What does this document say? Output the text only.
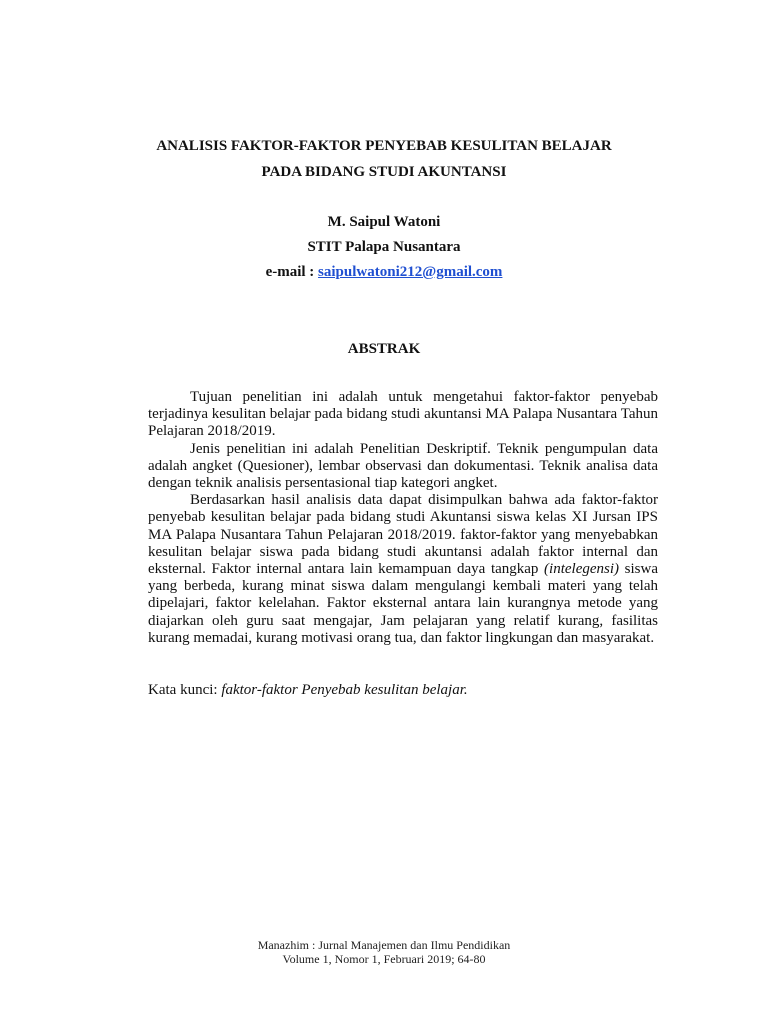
ANALISIS FAKTOR-FAKTOR PENYEBAB KESULITAN BELAJAR
PADA BIDANG STUDI AKUNTANSI
M. Saipul Watoni
STIT Palapa Nusantara
e-mail : saipulwatoni212@gmail.com
ABSTRAK

Tujuan penelitian ini adalah untuk mengetahui faktor-faktor penyebab terjadinya kesulitan belajar pada bidang studi akuntansi MA Palapa Nusantara Tahun Pelajaran 2018/2019.

Jenis penelitian ini adalah Penelitian Deskriptif. Teknik pengumpulan data adalah angket (Quesioner), lembar observasi dan dokumentasi. Teknik analisa data dengan teknik analisis persentasional tiap kategori angket.

Berdasarkan hasil analisis data dapat disimpulkan bahwa ada faktor-faktor penyebab kesulitan belajar pada bidang studi Akuntansi siswa kelas XI Jursan IPS MA Palapa Nusantara Tahun Pelajaran 2018/2019. faktor-faktor yang menyebabkan kesulitan belajar siswa pada bidang studi akuntansi adalah faktor internal dan eksternal. Faktor internal antara lain kemampuan daya tangkap (intelegensi) siswa yang berbeda, kurang minat siswa dalam mengulangi kembali materi yang telah dipelajari, faktor kelelahan. Faktor eksternal antara lain kurangnya metode yang diajarkan oleh guru saat mengajar, Jam pelajaran yang relatif kurang, fasilitas kurang memadai, kurang motivasi orang tua, dan faktor lingkungan dan masyarakat.

Kata kunci: faktor-faktor Penyebab kesulitan belajar.
Manazhim : Jurnal Manajemen dan Ilmu Pendidikan
Volume 1, Nomor 1, Februari 2019; 64-80
